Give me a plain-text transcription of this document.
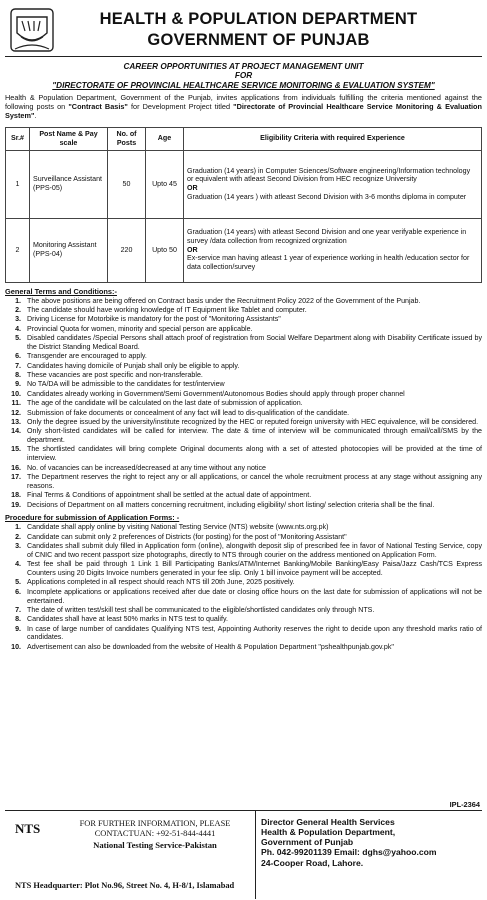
HEALTH & POPULATION DEPARTMENT
GOVERNMENT OF PUNJAB
CAREER OPPORTUNITIES AT PROJECT MANAGEMENT UNIT
FOR
"DIRECTORATE OF PROVINCIAL HEALTHCARE SERVICE MONITORING & EVALUATION SYSTEM"

Health & Population Department, Government of the Punjab, invites applications from individuals fulfilling the criteria mentioned against the following posts on "Contract Basis" for Development Project titled "Directorate of Provincial Healthcare Service Monitoring & Evaluation System".

Sr.#	Post Name & Pay scale	No. of Posts	Age	Eligibility Criteria with required Experience
1	Surveillance Assistant (PPS-05)	50	Upto 45	Graduation (14 years) in Computer Sciences/Software engineering/Information technology or equivalent with atleast Second Division from HEC recognize University
OR
Graduation (14 years ) with atleast Second Division with 3-6 months diploma in computer

2	Monitoring Assistant (PPS-04)	220	Upto 50	Graduation (14 years) with atleast Second Division and one year verifyable experience in survey /data collection from recognized orgnization
OR
Ex-service man having atleast 1 year of experience working in health /education sector for data collection/survey
General Terms and Conditions:-
1. The above positions are being offered on Contract basis under the Recruitment Policy 2022 of the Government of the Punjab.
2. The candidate should have working knowledge of IT Equipment like Tablet and computer.
3. Driving License for Motorbike is mandatory for the post of "Monitoring Assistants"
4. Provincial Quota for women, minority and special person are applicable.
5. Disabled candidates /Special Persons shall attach proof of registration from Social Welfare Department along with Disability Certificate issued by the District Standing Medical Board.
6. Transgender are encouraged to apply.
7. Candidates having domicile of Punjab shall only be eligible to apply.
8. These vacancies are post specific and non-transferable.
9. No TA/DA will be admissible to the candidates for test/interview
10. Candidates already working in Government/Semi Government/Autonomous Bodies should apply through proper channel
11. The age of the candidate will be calculated on the last date of submission of application.
12. Submission of fake documents or concealment of any fact will lead to dis-qualification of the candidate.
13. Only the degree issued by the university/institute recognized by the HEC or reputed foreign university with HEC equivalence, will be considered.
14. Only short-listed candidates will be called for interview. The date & time of interview will be communicated through email/call/SMS by the department.
15. The shortlisted candidates will bring complete Original documents along with a set of attested photocopies will be provided at the time of interview.
16. No. of vacancies can be increased/decreased at any time without any notice
17. The Department reserves the right to reject any or all applications, or cancel the whole recruitment process at any stage without assigning any reasons.
18. Final Terms & Conditions of appointment shall be settled at the actual date of appointment.
19. Decisions of Department on all matters concerning recruitment, including eligibility/ short listing/ selection criteria shall be the final.
Procedure for submission of Application Forms: -
1. Candidate shall apply online by visiting National Testing Service (NTS) website (www.nts.org.pk)
2. Candidate can submit only 2 preferences of Districts (for posting) for the post of "Monitoring Assistant"
3. Candidates shall submit duly filled in Application form (online), alongwith deposit slip of prescribed fee in favor of National Testing Service, copy of CNIC and two recent passport size photographs, directly to NTS through courier on the address mentioned on Application Form.
4. Test fee shall be paid through 1 Link 1 Bill Participating Banks/ATM/Internet Banking/Mobile Banking/Easy Paisa/Jazz Cash/TCS Express Counters using 20 Digits Invoice numbers generated in your fee slip. Only 1 bill invoice payment will be accepted.
5. Applications completed in all respect should reach NTS till 20th June, 2025 positively.
6. Incomplete applications or applications received after due date or closing office hours on the last date for submission of applications will not be entertained.
7. The date of written test/skill test shall be communicated to the eligible/shortlisted candidates only through NTS.
8. Candidates shall have at least 50% marks in NTS test to qualify.
9. In case of large number of candidates Qualifying NTS test, Appointing Authority reserves the right to decide upon any threshold marks ratio of candidates.
10. Advertisement can also be downloaded from the website of Health & Population Department "pshealthpunjab.gov.pk"
IPL-2364
NTS	FOR FURTHER INFORMATION, PLEASE
CONTACTUAN: +92-51-844-4441
National Testing Service-Pakistan
NTS Headquarter: Plot No.96, Street No. 4, H-8/1, Islamabad
Director General Health Services
Health & Population Department,
Government of Punjab
Ph. 042-99201139 Email: dghs@yahoo.com
24-Cooper Road, Lahore.
